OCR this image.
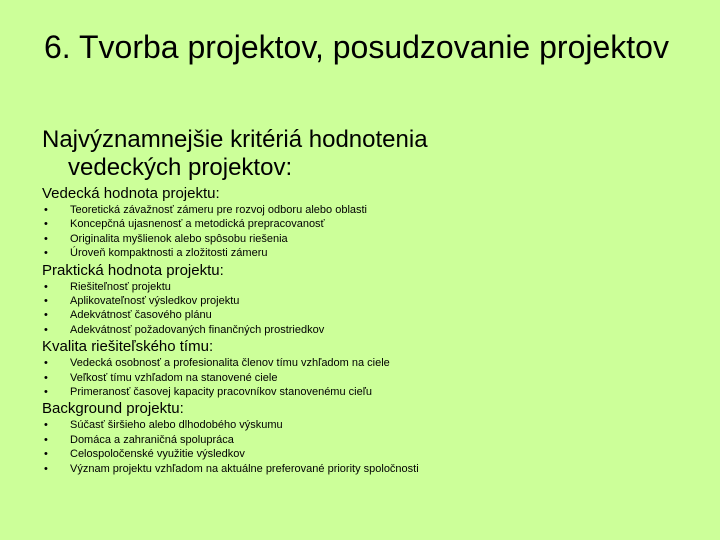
6. Tvorba projektov, posudzovanie projektov
Najvýznamnejšie kritériá hodnotenia
vedeckých projektov:
Vedecká hodnota projektu:
• Teoretická závažnosť zámeru pre rozvoj odboru alebo oblasti
• Koncepčná ujasnenosť a metodická prepracovanosť
• Originalita myšlienok alebo spôsobu riešenia
• Úroveň kompaktnosti a zložitosti zámeru
Praktická hodnota projektu:
• Riešiteľnosť projektu
• Aplikovateľnosť výsledkov projektu
• Adekvátnosť časového plánu
• Adekvátnosť požadovaných finančných prostriedkov
Kvalita riešiteľského tímu:
• Vedecká osobnosť a profesionalita členov tímu vzhľadom na ciele
• Veľkosť tímu vzhľadom na stanovené ciele
• Primeranosť časovej kapacity pracovníkov stanovenému cieľu
Background projektu:
• Súčasť širšieho alebo dlhodobého výskumu
• Domáca a zahraničná spolupráca
• Celospoločenské využitie výsledkov
• Význam projektu vzhľadom na aktuálne preferované priority spoločnosti
